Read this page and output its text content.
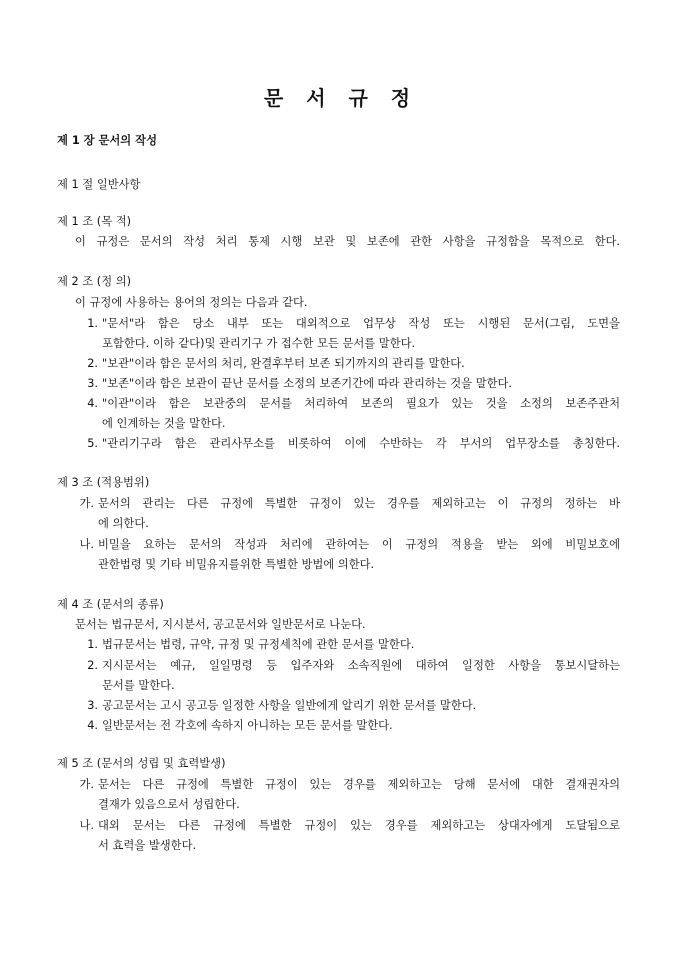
문 서 규 정
제 1 장 문서의 작성
제 1 절 일반사항
제 1 조 (목 적)
이 규정은 문서의 작성 처리 통제 시행 보관 및 보존에 관한 사항을 규정함을 목적으로 한다.
제 2 조 (정 의)
이 규정에 사용하는 용어의 정의는 다음과 같다.
1. "문서"라 함은 당소 내부 또는 대외적으로 업무상 작성 또는 시행된 문서(그림, 도면을
포함한다. 이하 같다)및 관리기구 가 접수한 모든 문서를 말한다.
2. "보관"이라 함은 문서의 처리, 완결후부터 보존 되기까지의 관리를 말한다.
3. "보존"이라 함은 보관이 끝난 문서를 소정의 보존기간에 따라 관리하는 것을 말한다.
4. "이관"이라 함은 보관중의 문서를 처리하여 보존의 필요가 있는 것을 소정의 보존주관처
에 인계하는 것을 말한다.
5. "관리기구라 함은 관리사무소를 비롯하여 이에 수반하는 각 부서의 업무장소를 총칭한다.
제 3 조 (적용범위)
가. 문서의 관리는 다른 규정에 특별한 규정이 있는 경우를 제외하고는 이 규정의 정하는 바
에 의한다.
나. 비밀을 요하는 문서의 작성과 처리에 관하여는 이 규정의 적용을 받는 외에 비밀보호에
관한법령 및 기타 비밀유지를위한 특별한 방법에 의한다.
제 4 조 (문서의 종류)
문서는 법규문서, 지시분서, 공고문서와 일반문서로 나눈다.
1. 법규문서는 법령, 규약, 규정 및 규정세칙에 관한 문서를 말한다.
2. 지시문서는 예규, 일일명령 등 입주자와 소속직원에 대하여 일정한 사항을 통보시달하는
문서를 말한다.
3. 공고문서는 고시 공고등 일정한 사항을 일반에게 알리기 위한 문서를 말한다.
4. 일반문서는 전 각호에 속하지 아니하는 모든 문서를 말한다.
제 5 조 (문서의 성립 및 효력발생)
가. 문서는 다른 규정에 특별한 규정이 있는 경우를 제외하고는 당해 문서에 대한 결재권자의
결재가 있음으로서 성립한다.
나. 대외 문서는 다른 규정에 특별한 규정이 있는 경우를 제외하고는 상대자에게 도달됨으로
서 효력을 발생한다.
